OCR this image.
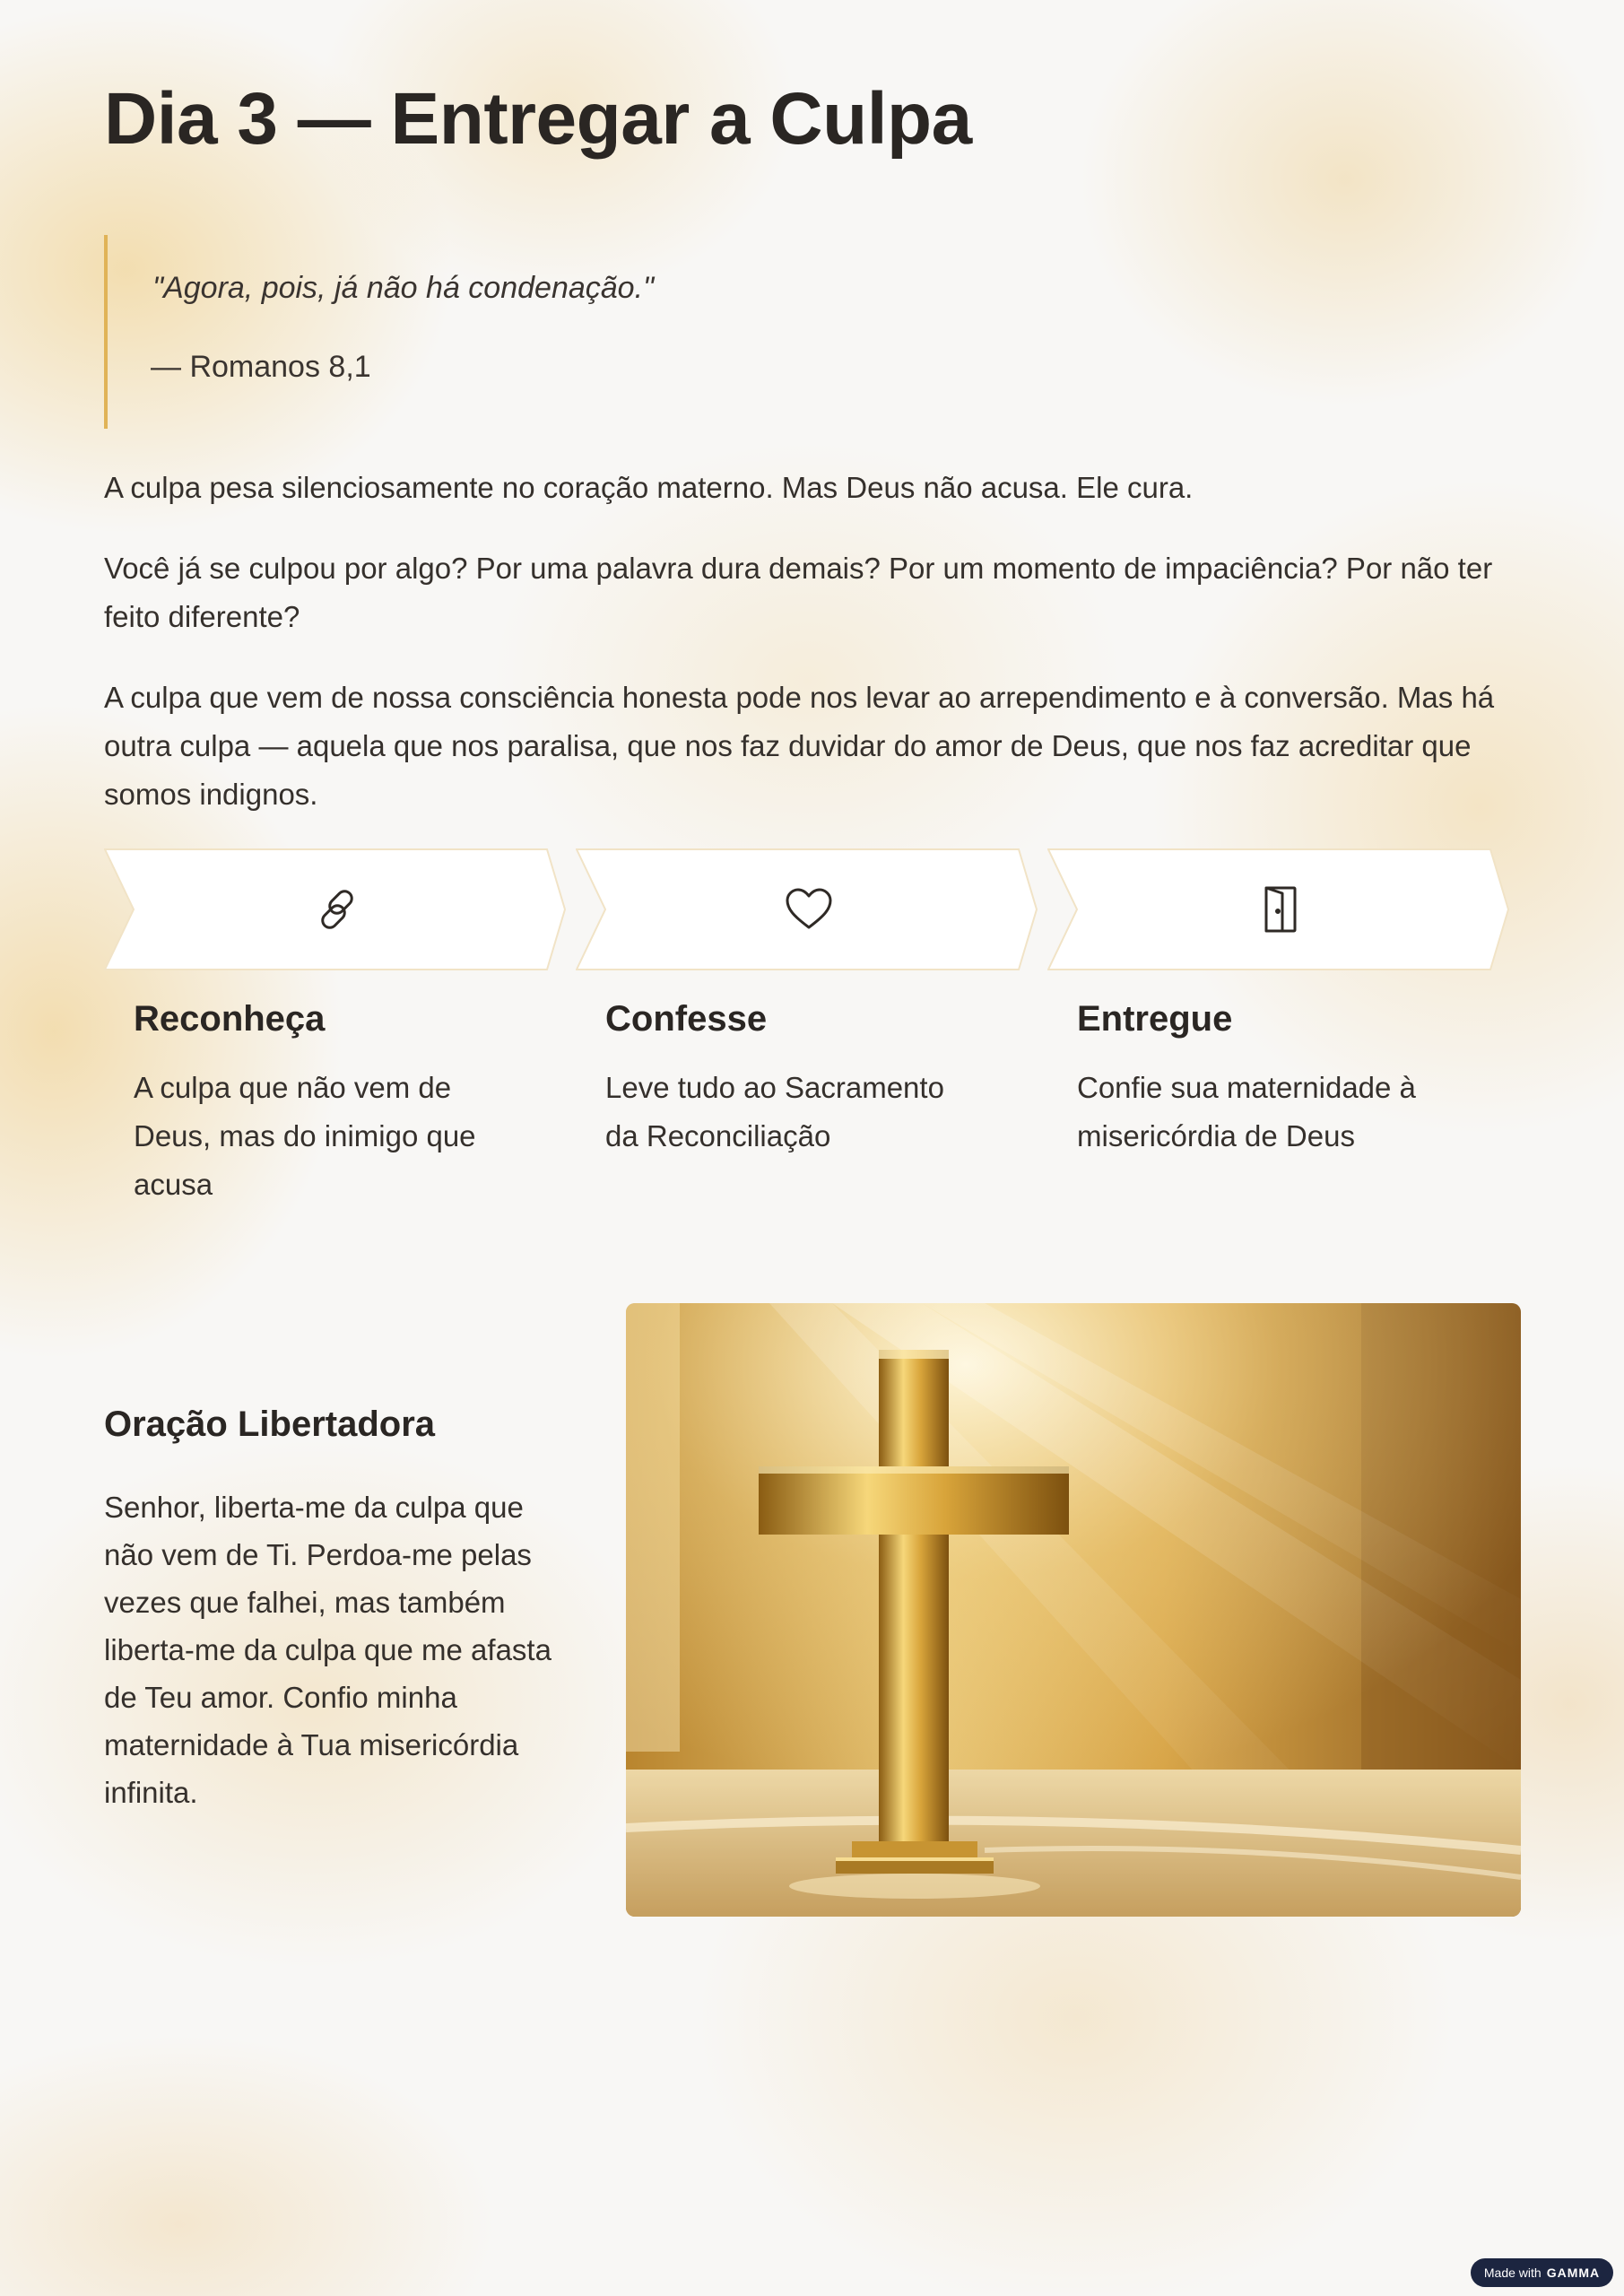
Dia 3 — Entregar a Culpa

"Agora, pois, já não há condenação."

— Romanos 8,1

A culpa pesa silenciosamente no coração materno. Mas Deus não acusa. Ele cura.

Você já se culpou por algo? Por uma palavra dura demais? Por um momento de impaciência? Por não ter feito diferente?

A culpa que vem de nossa consciência honesta pode nos levar ao arrependimento e à conversão. Mas há outra culpa — aquela que nos paralisa, que nos faz duvidar do amor de Deus, que nos faz acreditar que somos indignos.

Reconheça

A culpa que não vem de Deus, mas do inimigo que acusa

Confesse

Leve tudo ao Sacramento da Reconciliação

Entregue

Confie sua maternidade à misericórdia de Deus

Oração Libertadora

Senhor, liberta-me da culpa que não vem de Ti. Perdoa-me pelas vezes que falhei, mas também liberta-me da culpa que me afasta de Teu amor. Confio minha maternidade à Tua misericórdia infinita.

Made with GAMMA
